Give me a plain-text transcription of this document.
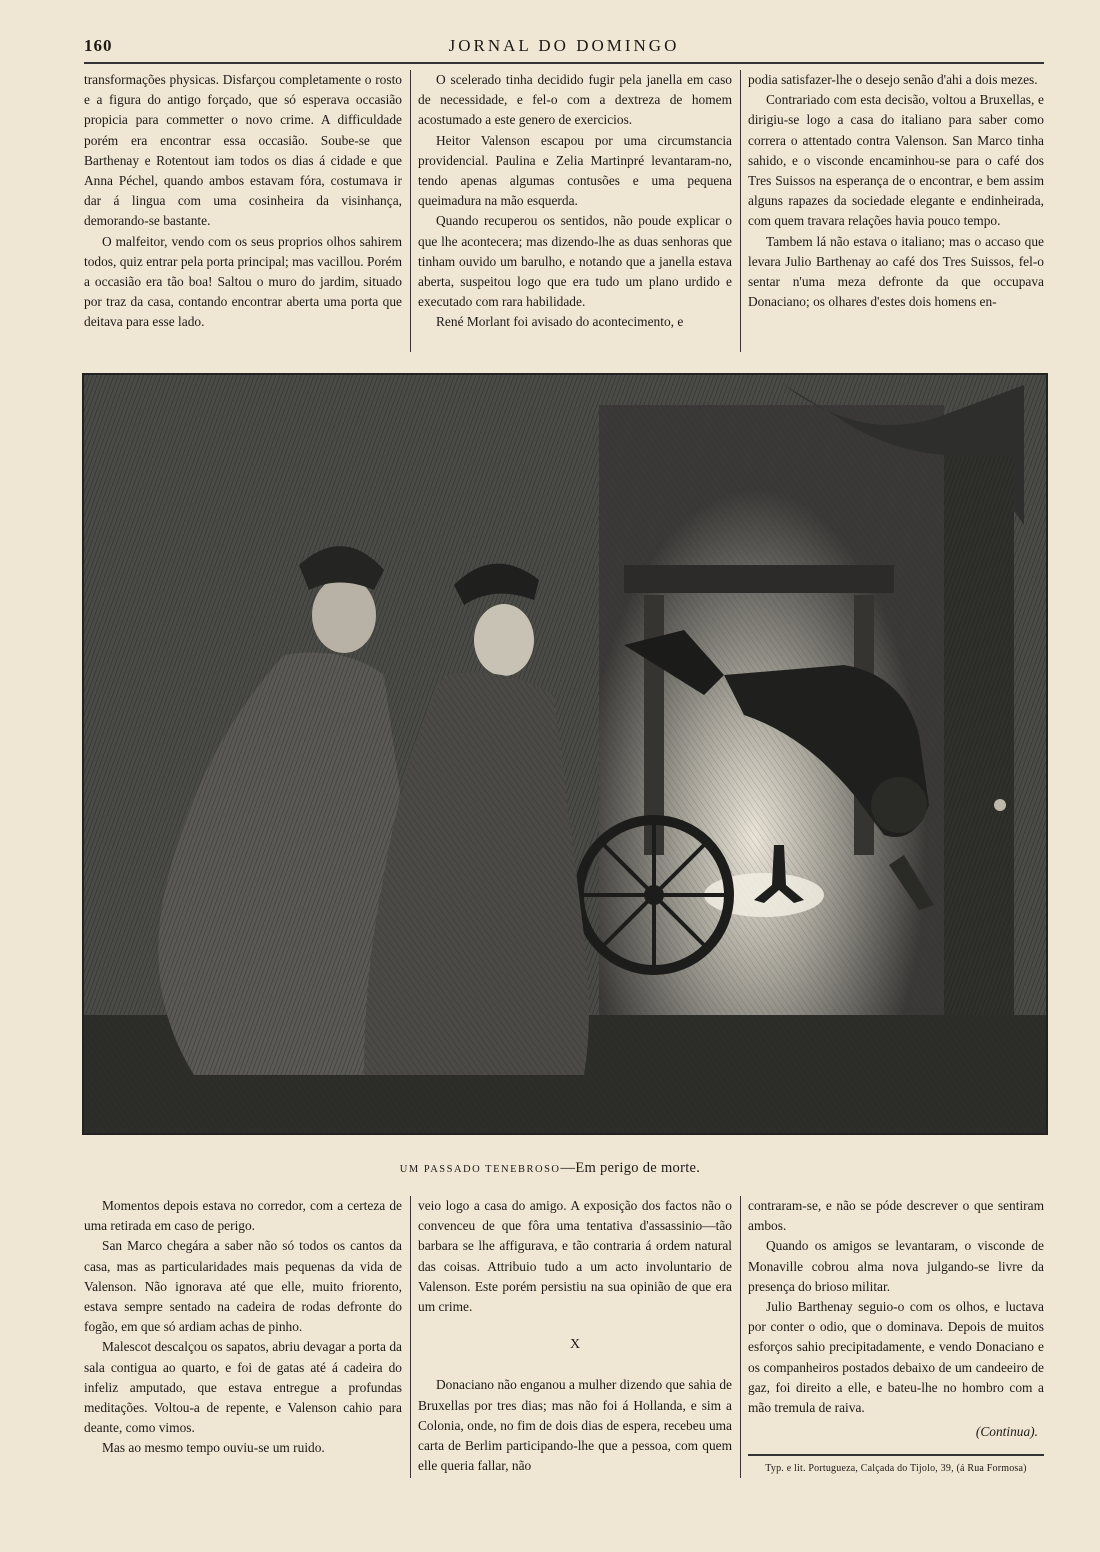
160	JORNAL DO DOMINGO

transformações physicas. Disfarçou completamente o rosto e a figura do antigo forçado, que só esperava occasião propicia para commetter o novo crime. A difficuldade porém era encontrar essa occasião. Soube-se que Barthenay e Rotentout iam todos os dias á cidade e que Anna Péchel, quando ambos estavam fóra, costumava ir dar á lingua com uma cosinheira da visinhança, demorando-se bastante.

O malfeitor, vendo com os seus proprios olhos sahirem todos, quiz entrar pela porta principal; mas vacillou. Porém a occasião era tão boa! Saltou o muro do jardim, situado por traz da casa, contando encontrar aberta uma porta que deitava para esse lado.

O scelerado tinha decidido fugir pela janella em caso de necessidade, e fel-o com a dextreza de homem acostumado a este genero de exercicios.

Heitor Valenson escapou por uma circumstancia providencial. Paulina e Zelia Martinpré levantaram-no, tendo apenas algumas contusões e uma pequena queimadura na mão esquerda.

Quando recuperou os sentidos, não poude explicar o que lhe acontecera; mas dizendo-lhe as duas senhoras que tinham ouvido um barulho, e notando que a janella estava aberta, suspeitou logo que era tudo um plano urdido e executado com rara habilidade.

René Morlant foi avisado do acontecimento, e

podia satisfazer-lhe o desejo senão d'ahi a dois mezes.

Contrariado com esta decisão, voltou a Bruxellas, e dirigiu-se logo a casa do italiano para saber como correra o attentado contra Valenson. San Marco tinha sahido, e o visconde encaminhou-se para o café dos Tres Suissos na esperança de o encontrar, e bem assim alguns rapazes da sociedade elegante e endinheirada, com quem travara relações havia pouco tempo.

Tambem lá não estava o italiano; mas o accaso que levara Julio Barthenay ao café dos Tres Suissos, fel-o sentar n'uma meza defronte da que occupava Donaciano; os olhares d'estes dois homens en-

UM PASSADO TENEBROSO—Em perigo de morte.

Momentos depois estava no corredor, com a certeza de uma retirada em caso de perigo.

San Marco chegára a saber não só todos os cantos da casa, mas as particularidades mais pequenas da vida de Valenson. Não ignorava até que elle, muito friorento, estava sempre sentado na cadeira de rodas defronte do fogão, em que só ardiam achas de pinho.

Malescot descalçou os sapatos, abriu devagar a porta da sala contigua ao quarto, e foi de gatas até á cadeira do infeliz amputado, que estava entregue a profundas meditações. Voltou-a de repente, e Valenson cahio para deante, como vimos.

Mas ao mesmo tempo ouviu-se um ruido.

veio logo a casa do amigo. A exposição dos factos não o convenceu de que fôra uma tentativa d'assassinio—tão barbara se lhe affigurava, e tão contraria á ordem natural das coisas. Attribuio tudo a um acto involuntario de Valenson. Este porém persistiu na sua opinião de que era um crime.

X

Donaciano não enganou a mulher dizendo que sahia de Bruxellas por tres dias; mas não foi á Hollanda, e sim a Colonia, onde, no fim de dois dias de espera, recebeu uma carta de Berlim participando-lhe que a pessoa, com quem elle queria fallar, não

contraram-se, e não se póde descrever o que sentiram ambos.

Quando os amigos se levantaram, o visconde de Monaville cobrou alma nova julgando-se livre da presença do brioso militar.

Julio Barthenay seguio-o com os olhos, e luctava por conter o odio, que o dominava. Depois de muitos esforços sahio precipitadamente, e vendo Donaciano e os companheiros postados debaixo de um candeeiro de gaz, foi direito a elle, e bateu-lhe no hombro com a mão tremula de raiva.

(Continua).

Typ. e lit. Portugueza, Calçada do Tijolo, 39, (á Rua Formosa)
